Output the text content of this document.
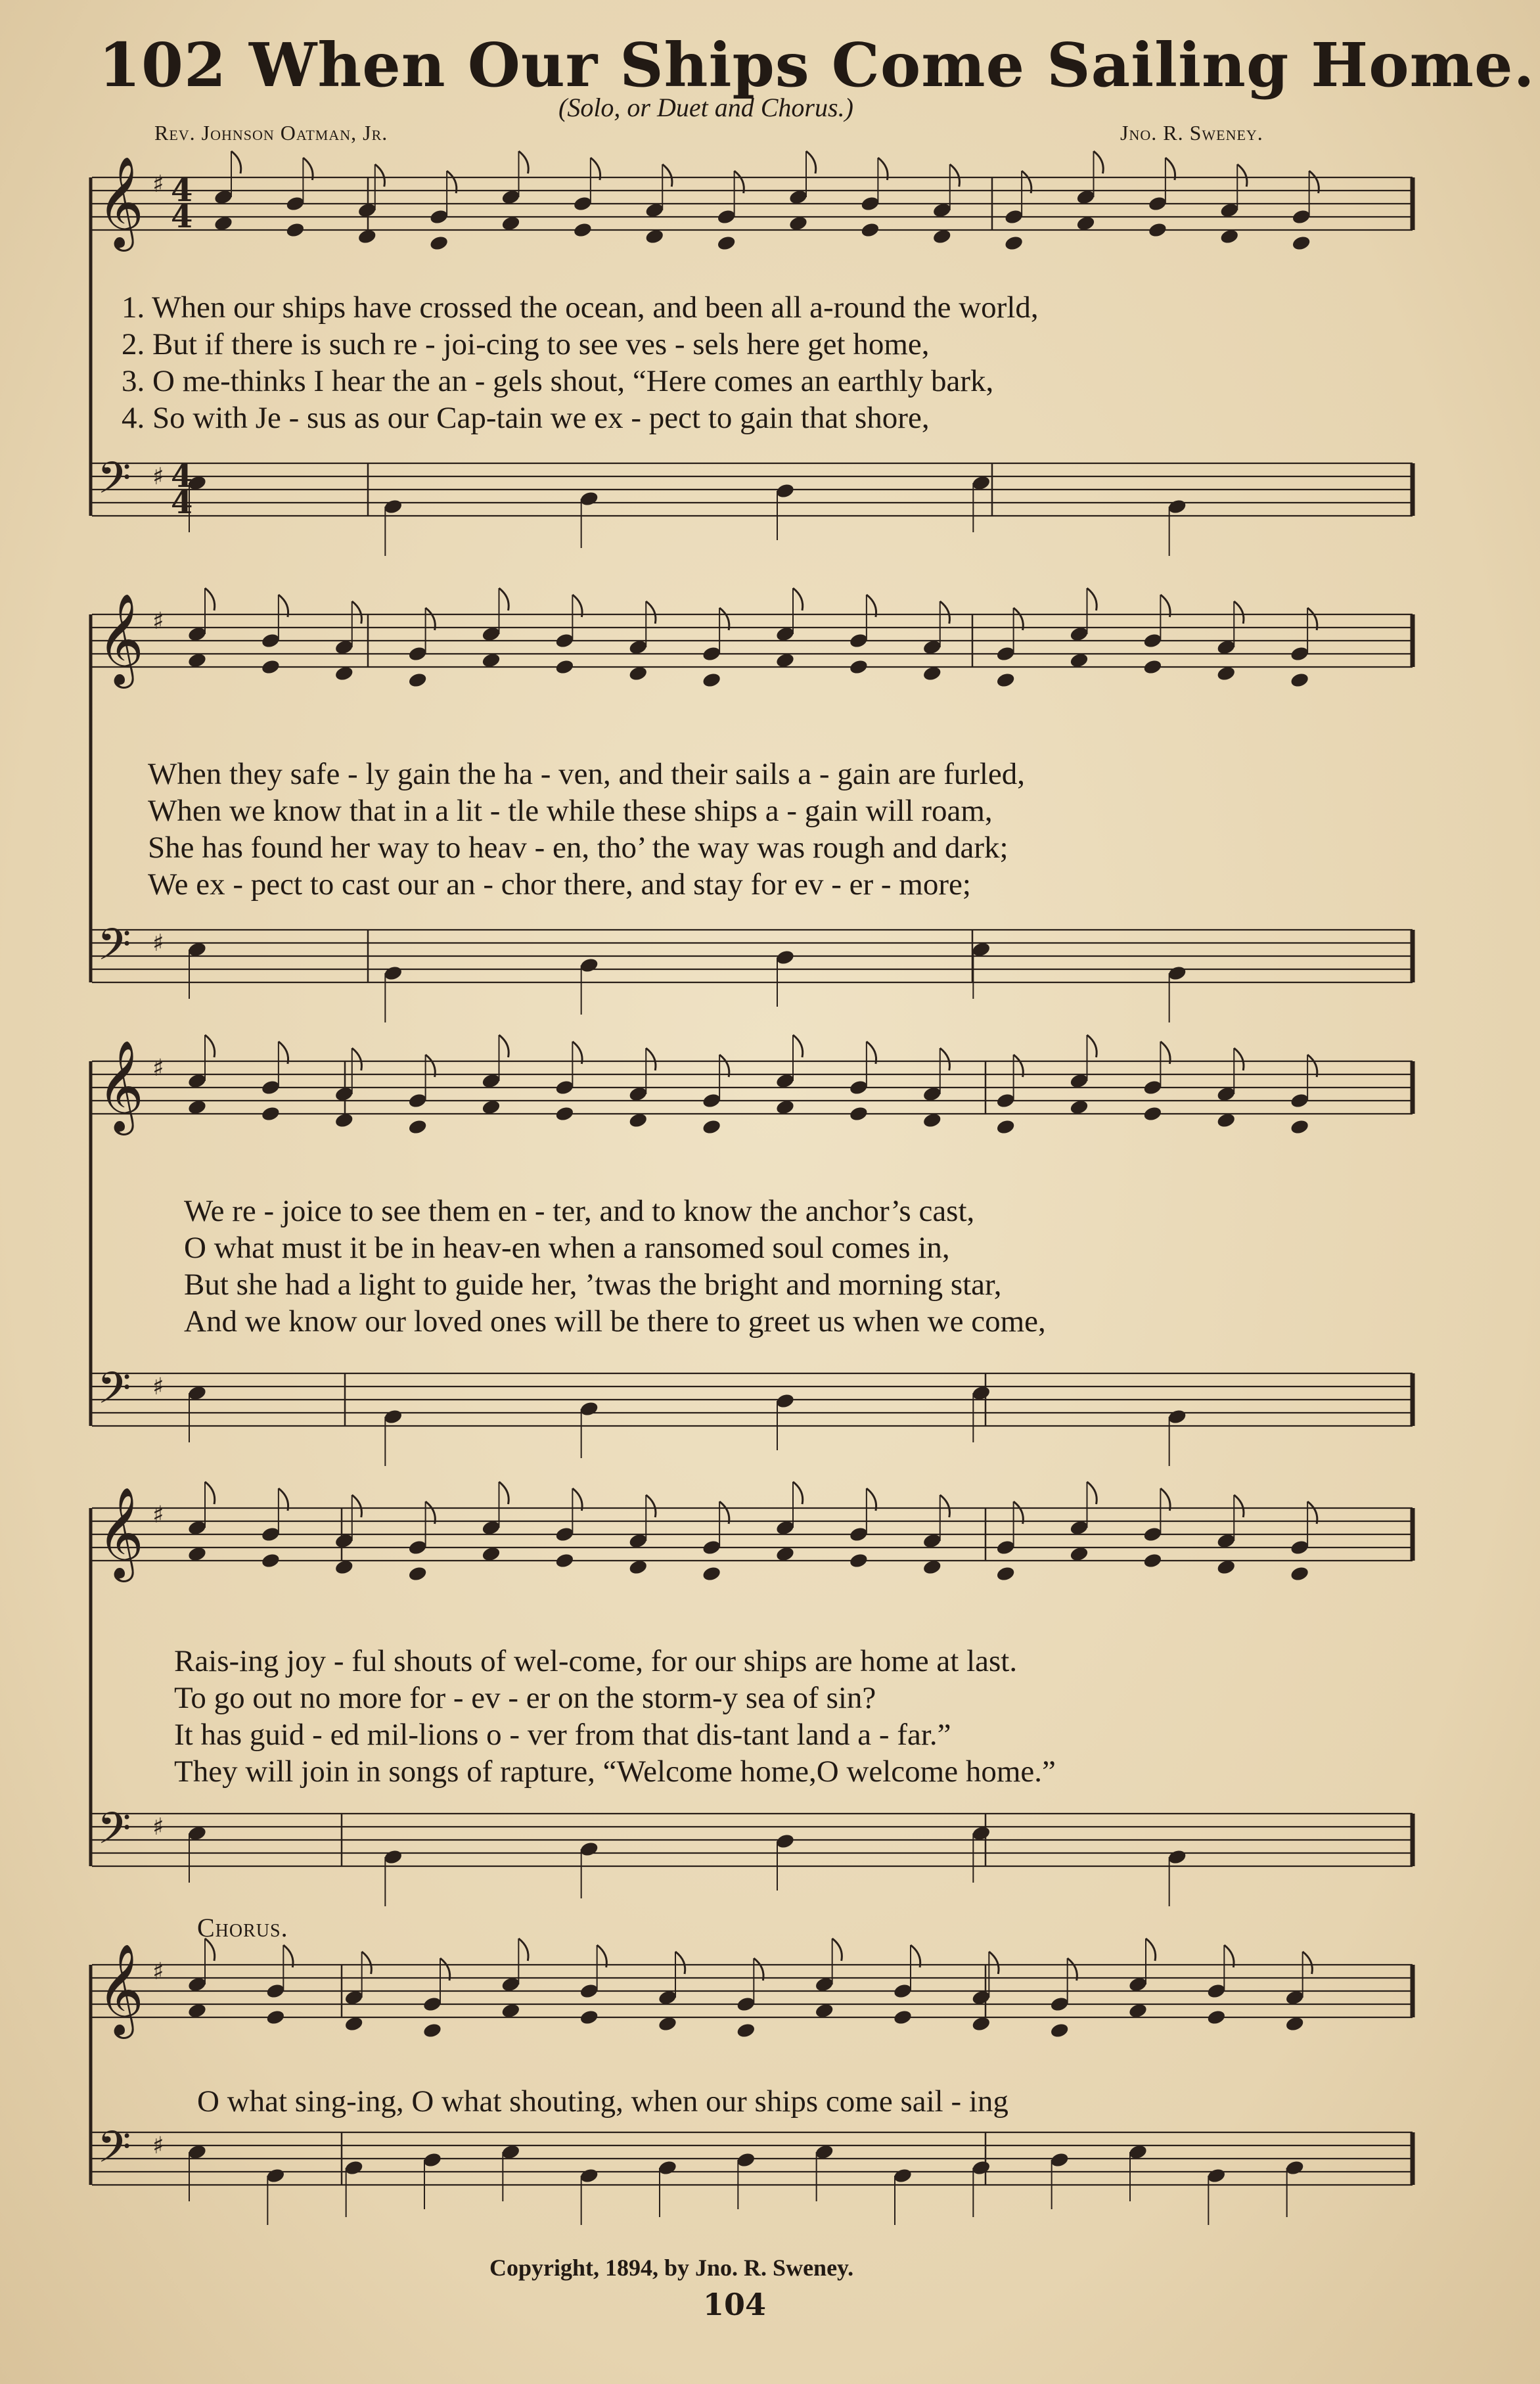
102 When Our Ships Come Sailing Home.
(Solo, or Duet and Chorus.)
Rev. Johnson Oatman, Jr.	Jno. R. Sweney.
𝄞 ♯
𝄢 ♯
𝄞 ♯
𝄢 ♯
𝄞 ♯
𝄢 ♯
𝄞 ♯
𝄢 ♯
𝄞 ♯
𝄢 ♯
4
4
4
4
1. When our ships have crossed the ocean, and been all a-round the world,
2. But if there is such re - joi-cing to see ves - sels here get home,
3. O me-thinks I hear the an - gels shout, “Here comes an earthly bark,
4. So with Je - sus as our Cap-tain we ex - pect to gain that shore,
When they safe - ly gain the ha - ven, and their sails a - gain are furled,
When we know that in a lit - tle while these ships a - gain will roam,
She has found her way to heav - en, tho’ the way was rough and dark;
We ex - pect to cast our an - chor there, and stay for ev - er - more;
We re - joice to see them en - ter, and to know the anchor’s cast,
O what must it be in heav-en when a ransomed soul comes in,
But she had a light to guide her, ’twas the bright and morning star,
And we know our loved ones will be there to greet us when we come,
Rais-ing joy - ful shouts of wel-come, for our ships are home at last.
To go out no more for - ev - er on the storm-y sea of sin?
It has guid - ed mil-lions o - ver from that dis-tant land a - far.”
They will join in songs of rapture, “Welcome home,O welcome home.”
Chorus.
O what sing-ing, O what shouting, when our ships come sail - ing
Copyright, 1894, by Jno. R. Sweney.
104
